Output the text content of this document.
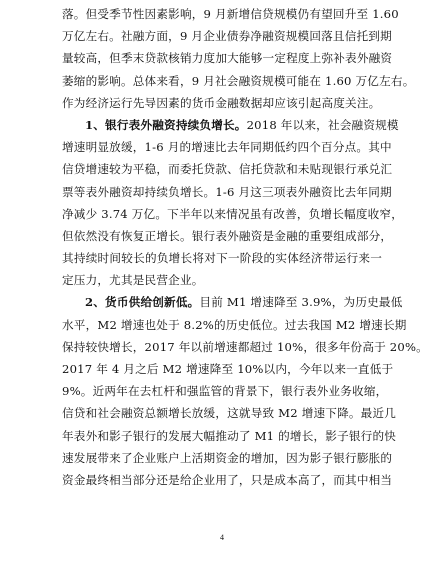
落。但受季节性因素影响，9 月新增信贷规模仍有望回升至 1.60
万亿左右。社融方面，9 月企业债券净融资规模回落且信托到期
量较高，但季末贷款核销力度加大能够一定程度上弥补表外融资
萎缩的影响。总体来看，9 月社会融资规模可能在 1.60 万亿左右。
作为经济运行先导因素的货币金融数据却应该引起高度关注。
1、银行表外融资持续负增长。2018 年以来，社会融资规模
增速明显放缓，1-6 月的增速比去年同期低约四个百分点。其中
信贷增速较为平稳，而委托贷款、信托贷款和未贴现银行承兑汇
票等表外融资却持续负增长。1-6 月这三项表外融资比去年同期
净减少 3.74 万亿。下半年以来情况虽有改善，负增长幅度收窄，
但依然没有恢复正增长。银行表外融资是金融的重要组成部分，
其持续时间较长的负增长将对下一阶段的实体经济带运行来一
定压力，尤其是民营企业。
2、货币供给创新低。目前 M1 增速降至 3.9%，为历史最低
水平，M2 增速也处于 8.2%的历史低位。过去我国 M2 增速长期
保持较快增长，2017 年以前增速都超过 10%，很多年份高于 20%。
2017 年 4 月之后 M2 增速降至 10%以内，今年以来一直低于
9%。近两年在去杠杆和强监管的背景下，银行表外业务收缩，
信贷和社会融资总额增长放缓，这就导致 M2 增速下降。最近几
年表外和影子银行的发展大幅推动了 M1 的增长，影子银行的快
速发展带来了企业账户上活期资金的增加，因为影子银行膨胀的
资金最终相当部分还是给企业用了，只是成本高了，而其中相当
4
